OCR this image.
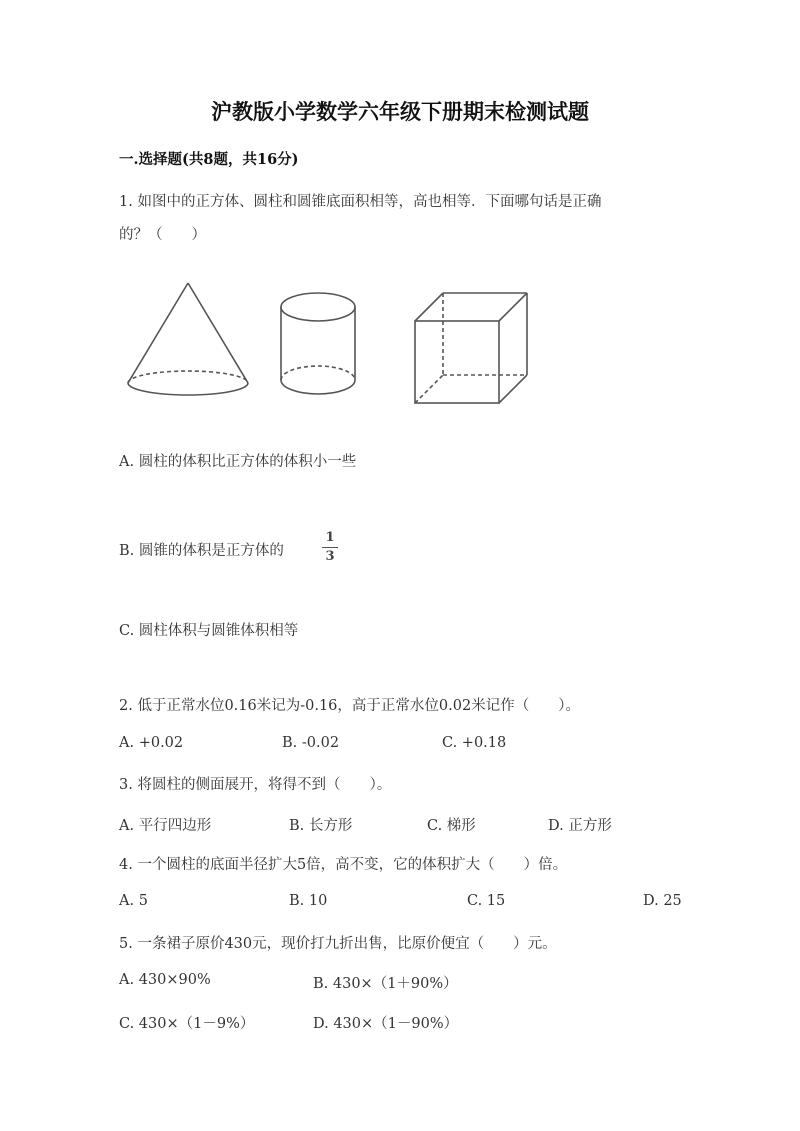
沪教版小学数学六年级下册期末检测试题
一.选择题(共8题，共16分)
1. 如图中的正方体、圆柱和圆锥底面积相等，高也相等．下面哪句话是正确
的？（　　）
A. 圆柱的体积比正方体的体积小一些
B. 圆锥的体积是正方体的
1
3
C. 圆柱体积与圆锥体积相等
2. 低于正常水位0.16米记为-0.16，高于正常水位0.02米记作（　　）。
A. +0.02	B. -0.02	C. +0.18
3. 将圆柱的侧面展开，将得不到（　　）。
A. 平行四边形	B. 长方形	C. 梯形	D. 正方形
4. 一个圆柱的底面半径扩大5倍，高不变，它的体积扩大（　　）倍。
A. 5	B. 10	C. 15	D. 25
5. 一条裙子原价430元，现价打九折出售，比原价便宜（　　）元。
A. 430×90%	B. 430×（1＋90%）
C. 430×（1－9%）	D. 430×（1－90%）
